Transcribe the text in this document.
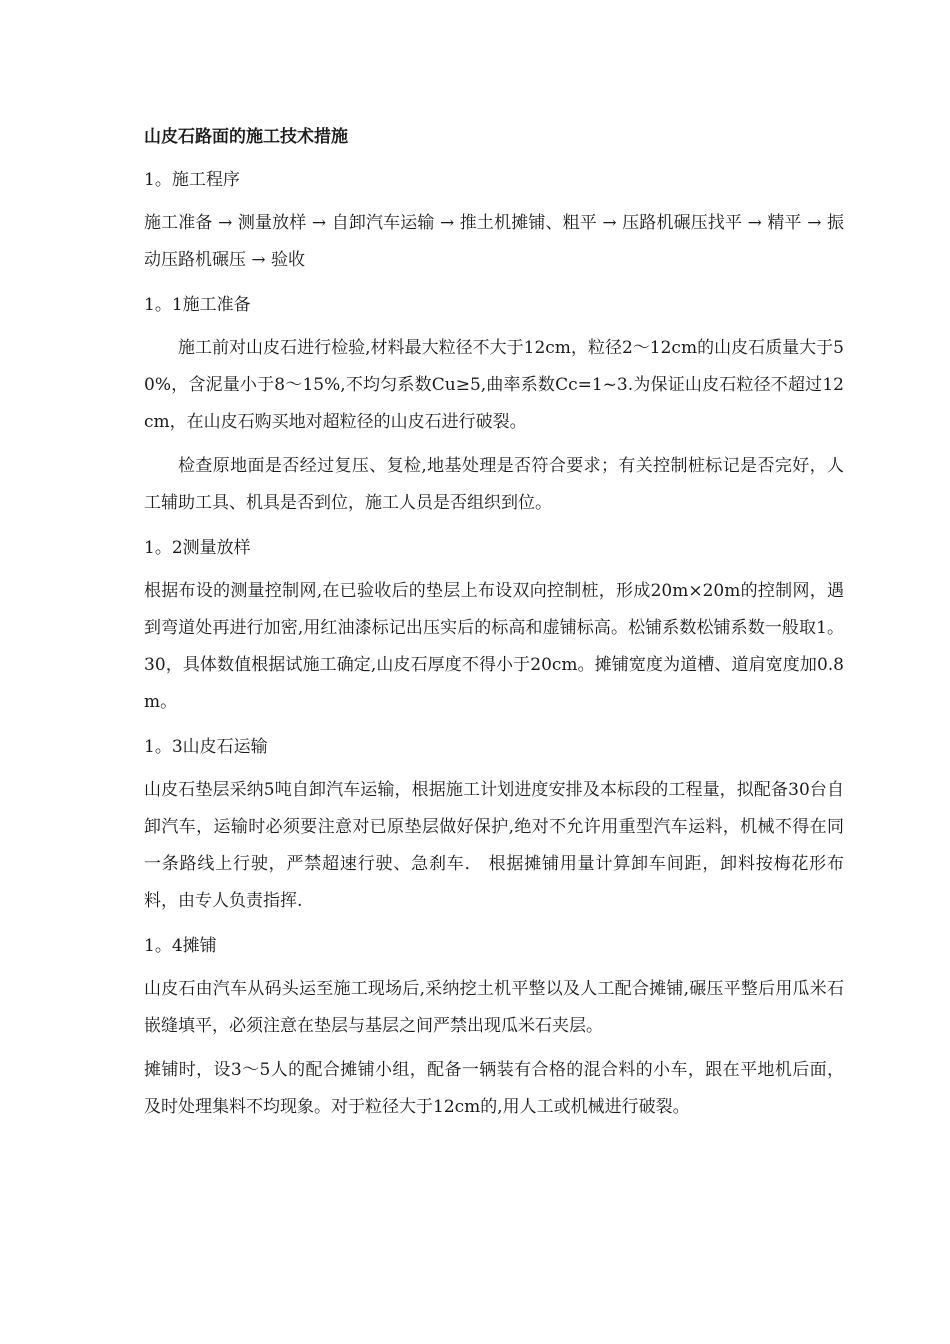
山皮石路面的施工技术措施
1。施工程序
施工准备 → 测量放样 → 自卸汽车运输 → 推土机摊铺、粗平 → 压路机碾压找平 → 精平 → 振动压路机碾压 → 验收
1。1施工准备
施工前对山皮石进行检验,材料最大粒径不大于12cm，粒径2～12cm的山皮石质量大于50%，含泥量小于8～15%,不均匀系数Cu≥5,曲率系数Cc=1~3.为保证山皮石粒径不超过12cm，在山皮石购买地对超粒径的山皮石进行破裂。
检查原地面是否经过复压、复检,地基处理是否符合要求；有关控制桩标记是否完好，人工辅助工具、机具是否到位，施工人员是否组织到位。
1。2测量放样
根据布设的测量控制网,在已验收后的垫层上布设双向控制桩，形成20m×20m的控制网，遇到弯道处再进行加密,用红油漆标记出压实后的标高和虚铺标高。松铺系数松铺系数一般取1。30，具体数值根据试施工确定,山皮石厚度不得小于20cm。摊铺宽度为道槽、道肩宽度加0.8m。
1。3山皮石运输
山皮石垫层采纳5吨自卸汽车运输，根据施工计划进度安排及本标段的工程量，拟配备30台自卸汽车，运输时必须要注意对已原垫层做好保护,绝对不允许用重型汽车运料，机械不得在同一条路线上行驶，严禁超速行驶、急刹车． 根据摊铺用量计算卸车间距，卸料按梅花形布料，由专人负责指挥.
1。4摊铺
山皮石由汽车从码头运至施工现场后,采纳挖土机平整以及人工配合摊铺,碾压平整后用瓜米石嵌缝填平，必须注意在垫层与基层之间严禁出现瓜米石夹层。
摊铺时，设3～5人的配合摊铺小组，配备一辆装有合格的混合料的小车，跟在平地机后面，及时处理集料不均现象。对于粒径大于12cm的,用人工或机械进行破裂。
